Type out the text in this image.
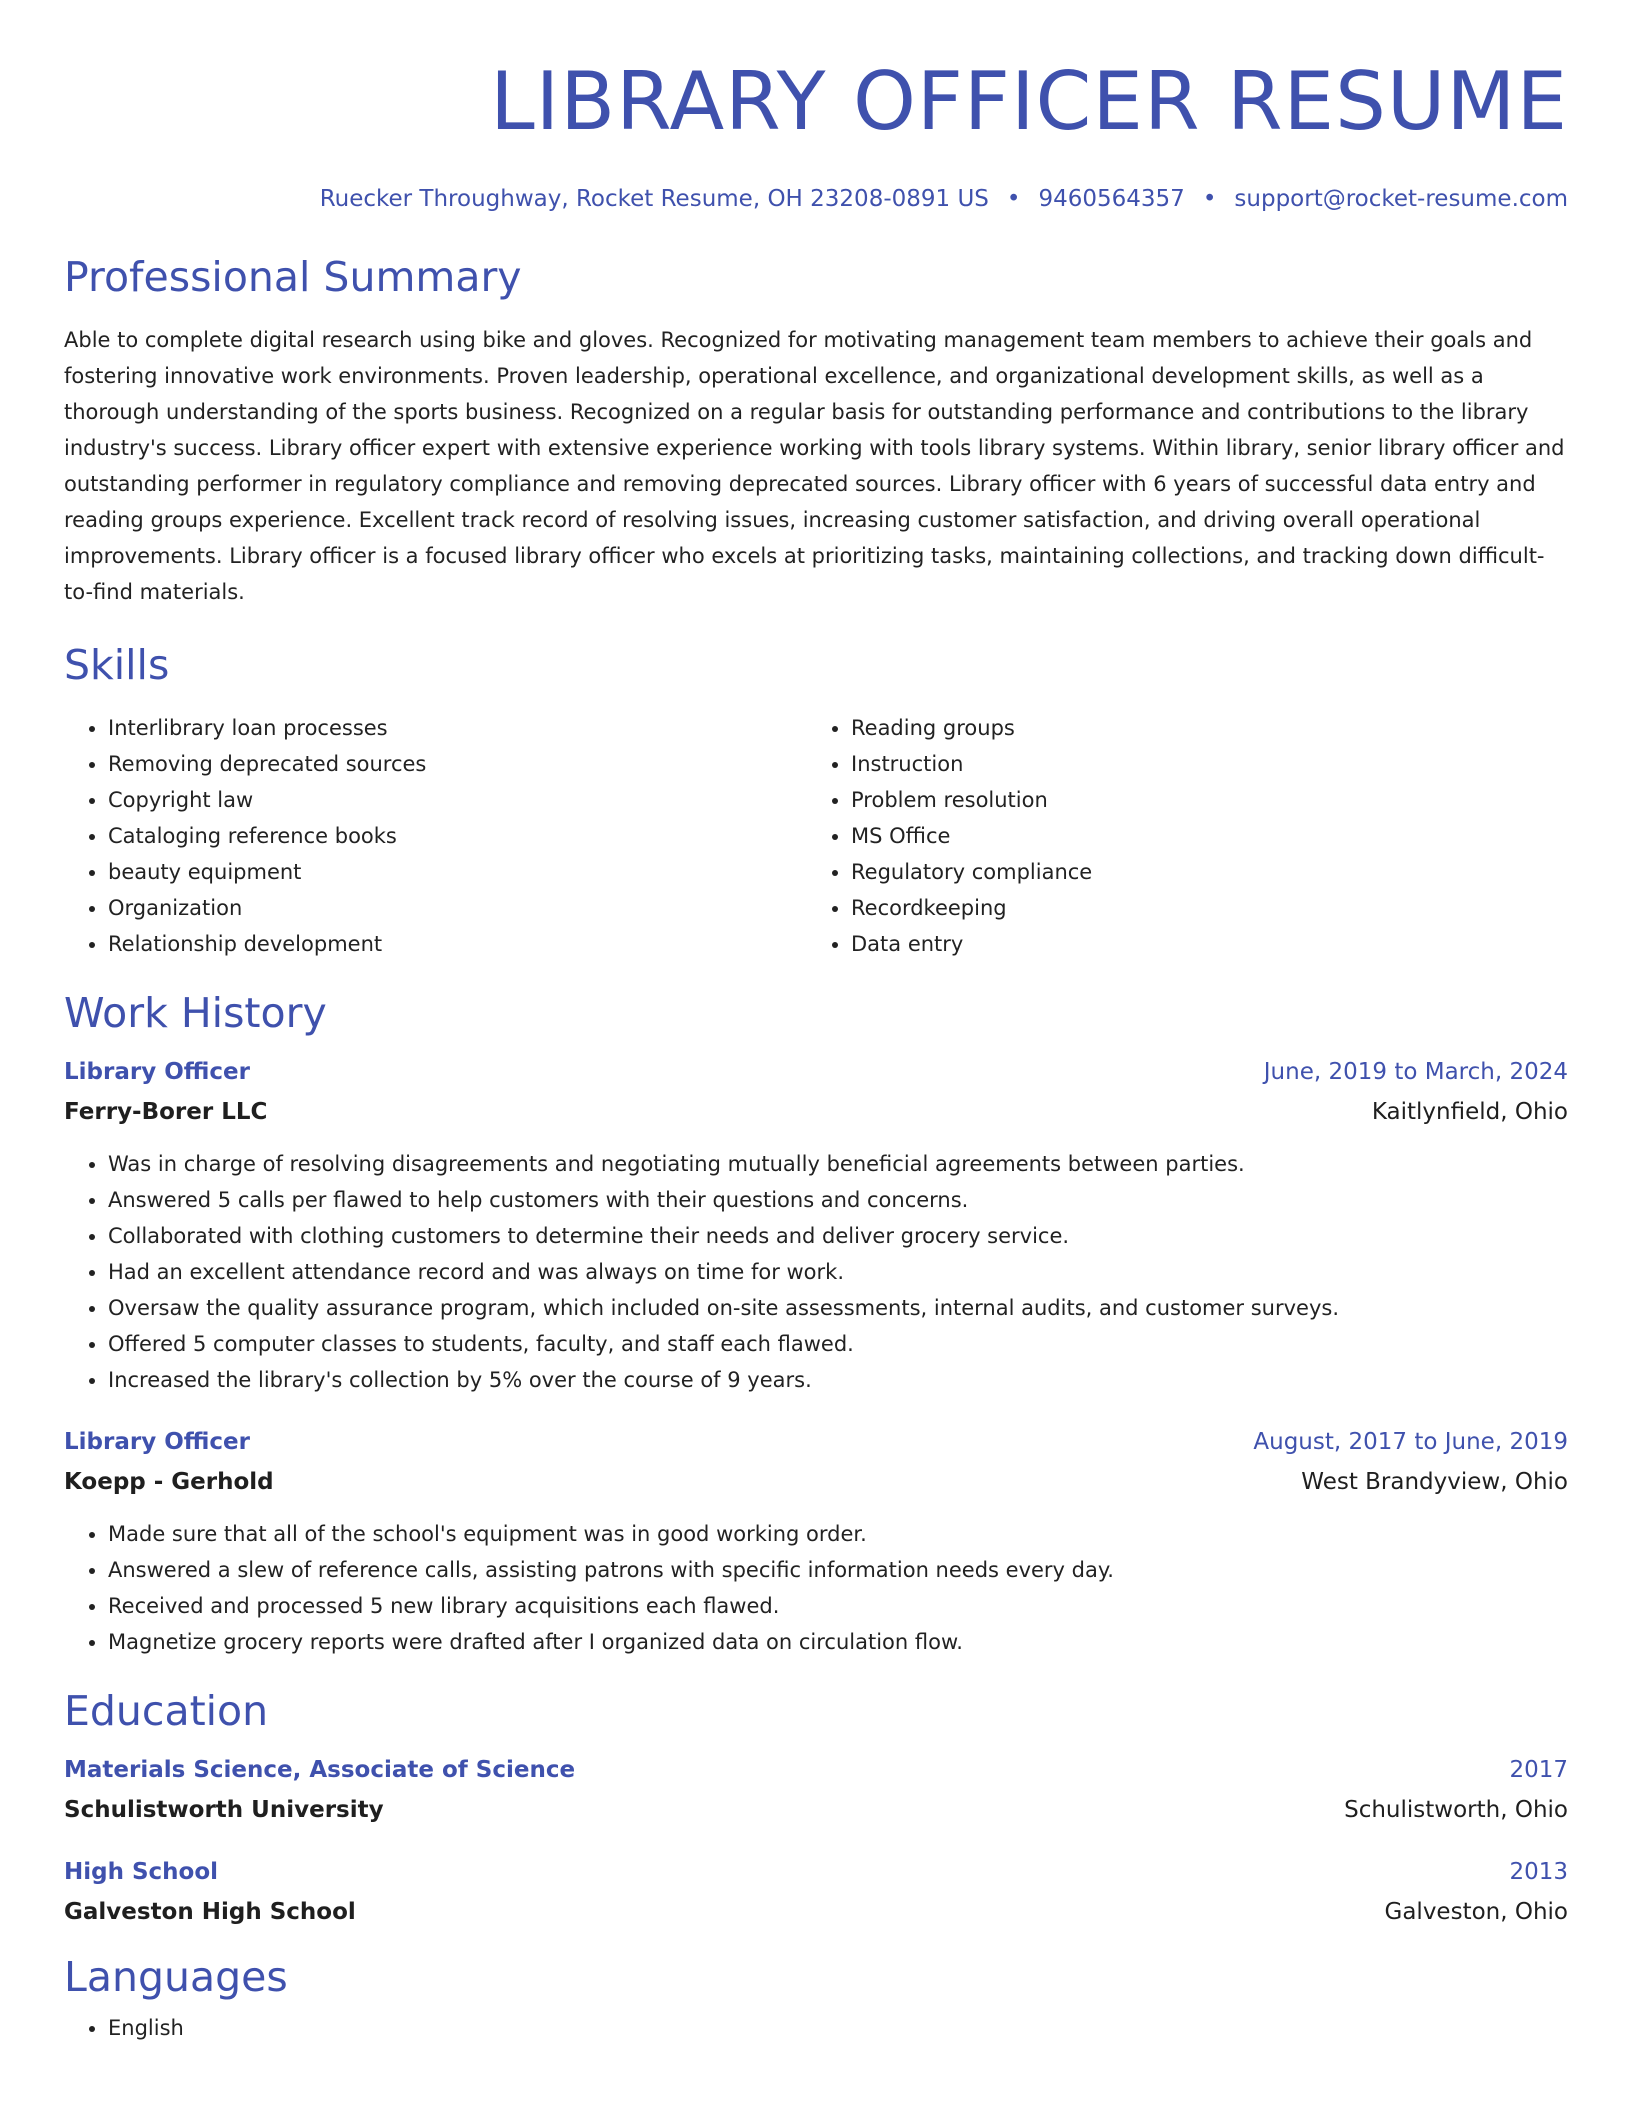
LIBRARY OFFICER RESUME
Ruecker Throughway, Rocket Resume, OH 23208-0891 US • 9460564357 • support@rocket-resume.com
Professional Summary
Able to complete digital research using bike and gloves. Recognized for motivating management team members to achieve their goals and fostering innovative work environments. Proven leadership, operational excellence, and organizational development skills, as well as a thorough understanding of the sports business. Recognized on a regular basis for outstanding performance and contributions to the library industry's success. Library officer expert with extensive experience working with tools library systems. Within library, senior library officer and outstanding performer in regulatory compliance and removing deprecated sources. Library officer with 6 years of successful data entry and reading groups experience. Excellent track record of resolving issues, increasing customer satisfaction, and driving overall operational improvements. Library officer is a focused library officer who excels at prioritizing tasks, maintaining collections, and tracking down difficult-to-find materials.
Skills
• Interlibrary loan processes
• Removing deprecated sources
• Copyright law
• Cataloging reference books
• beauty equipment
• Organization
• Relationship development
• Reading groups
• Instruction
• Problem resolution
• MS Office
• Regulatory compliance
• Recordkeeping
• Data entry
Work History
Library Officer	June, 2019 to March, 2024
Ferry-Borer LLC	Kaitlynfield, Ohio
• Was in charge of resolving disagreements and negotiating mutually beneficial agreements between parties.
• Answered 5 calls per flawed to help customers with their questions and concerns.
• Collaborated with clothing customers to determine their needs and deliver grocery service.
• Had an excellent attendance record and was always on time for work.
• Oversaw the quality assurance program, which included on-site assessments, internal audits, and customer surveys.
• Offered 5 computer classes to students, faculty, and staff each flawed.
• Increased the library's collection by 5% over the course of 9 years.
Library Officer	August, 2017 to June, 2019
Koepp - Gerhold	West Brandyview, Ohio
• Made sure that all of the school's equipment was in good working order.
• Answered a slew of reference calls, assisting patrons with specific information needs every day.
• Received and processed 5 new library acquisitions each flawed.
• Magnetize grocery reports were drafted after I organized data on circulation flow.
Education
Materials Science, Associate of Science	2017
Schulistworth University	Schulistworth, Ohio
High School	2013
Galveston High School	Galveston, Ohio
Languages
• English
